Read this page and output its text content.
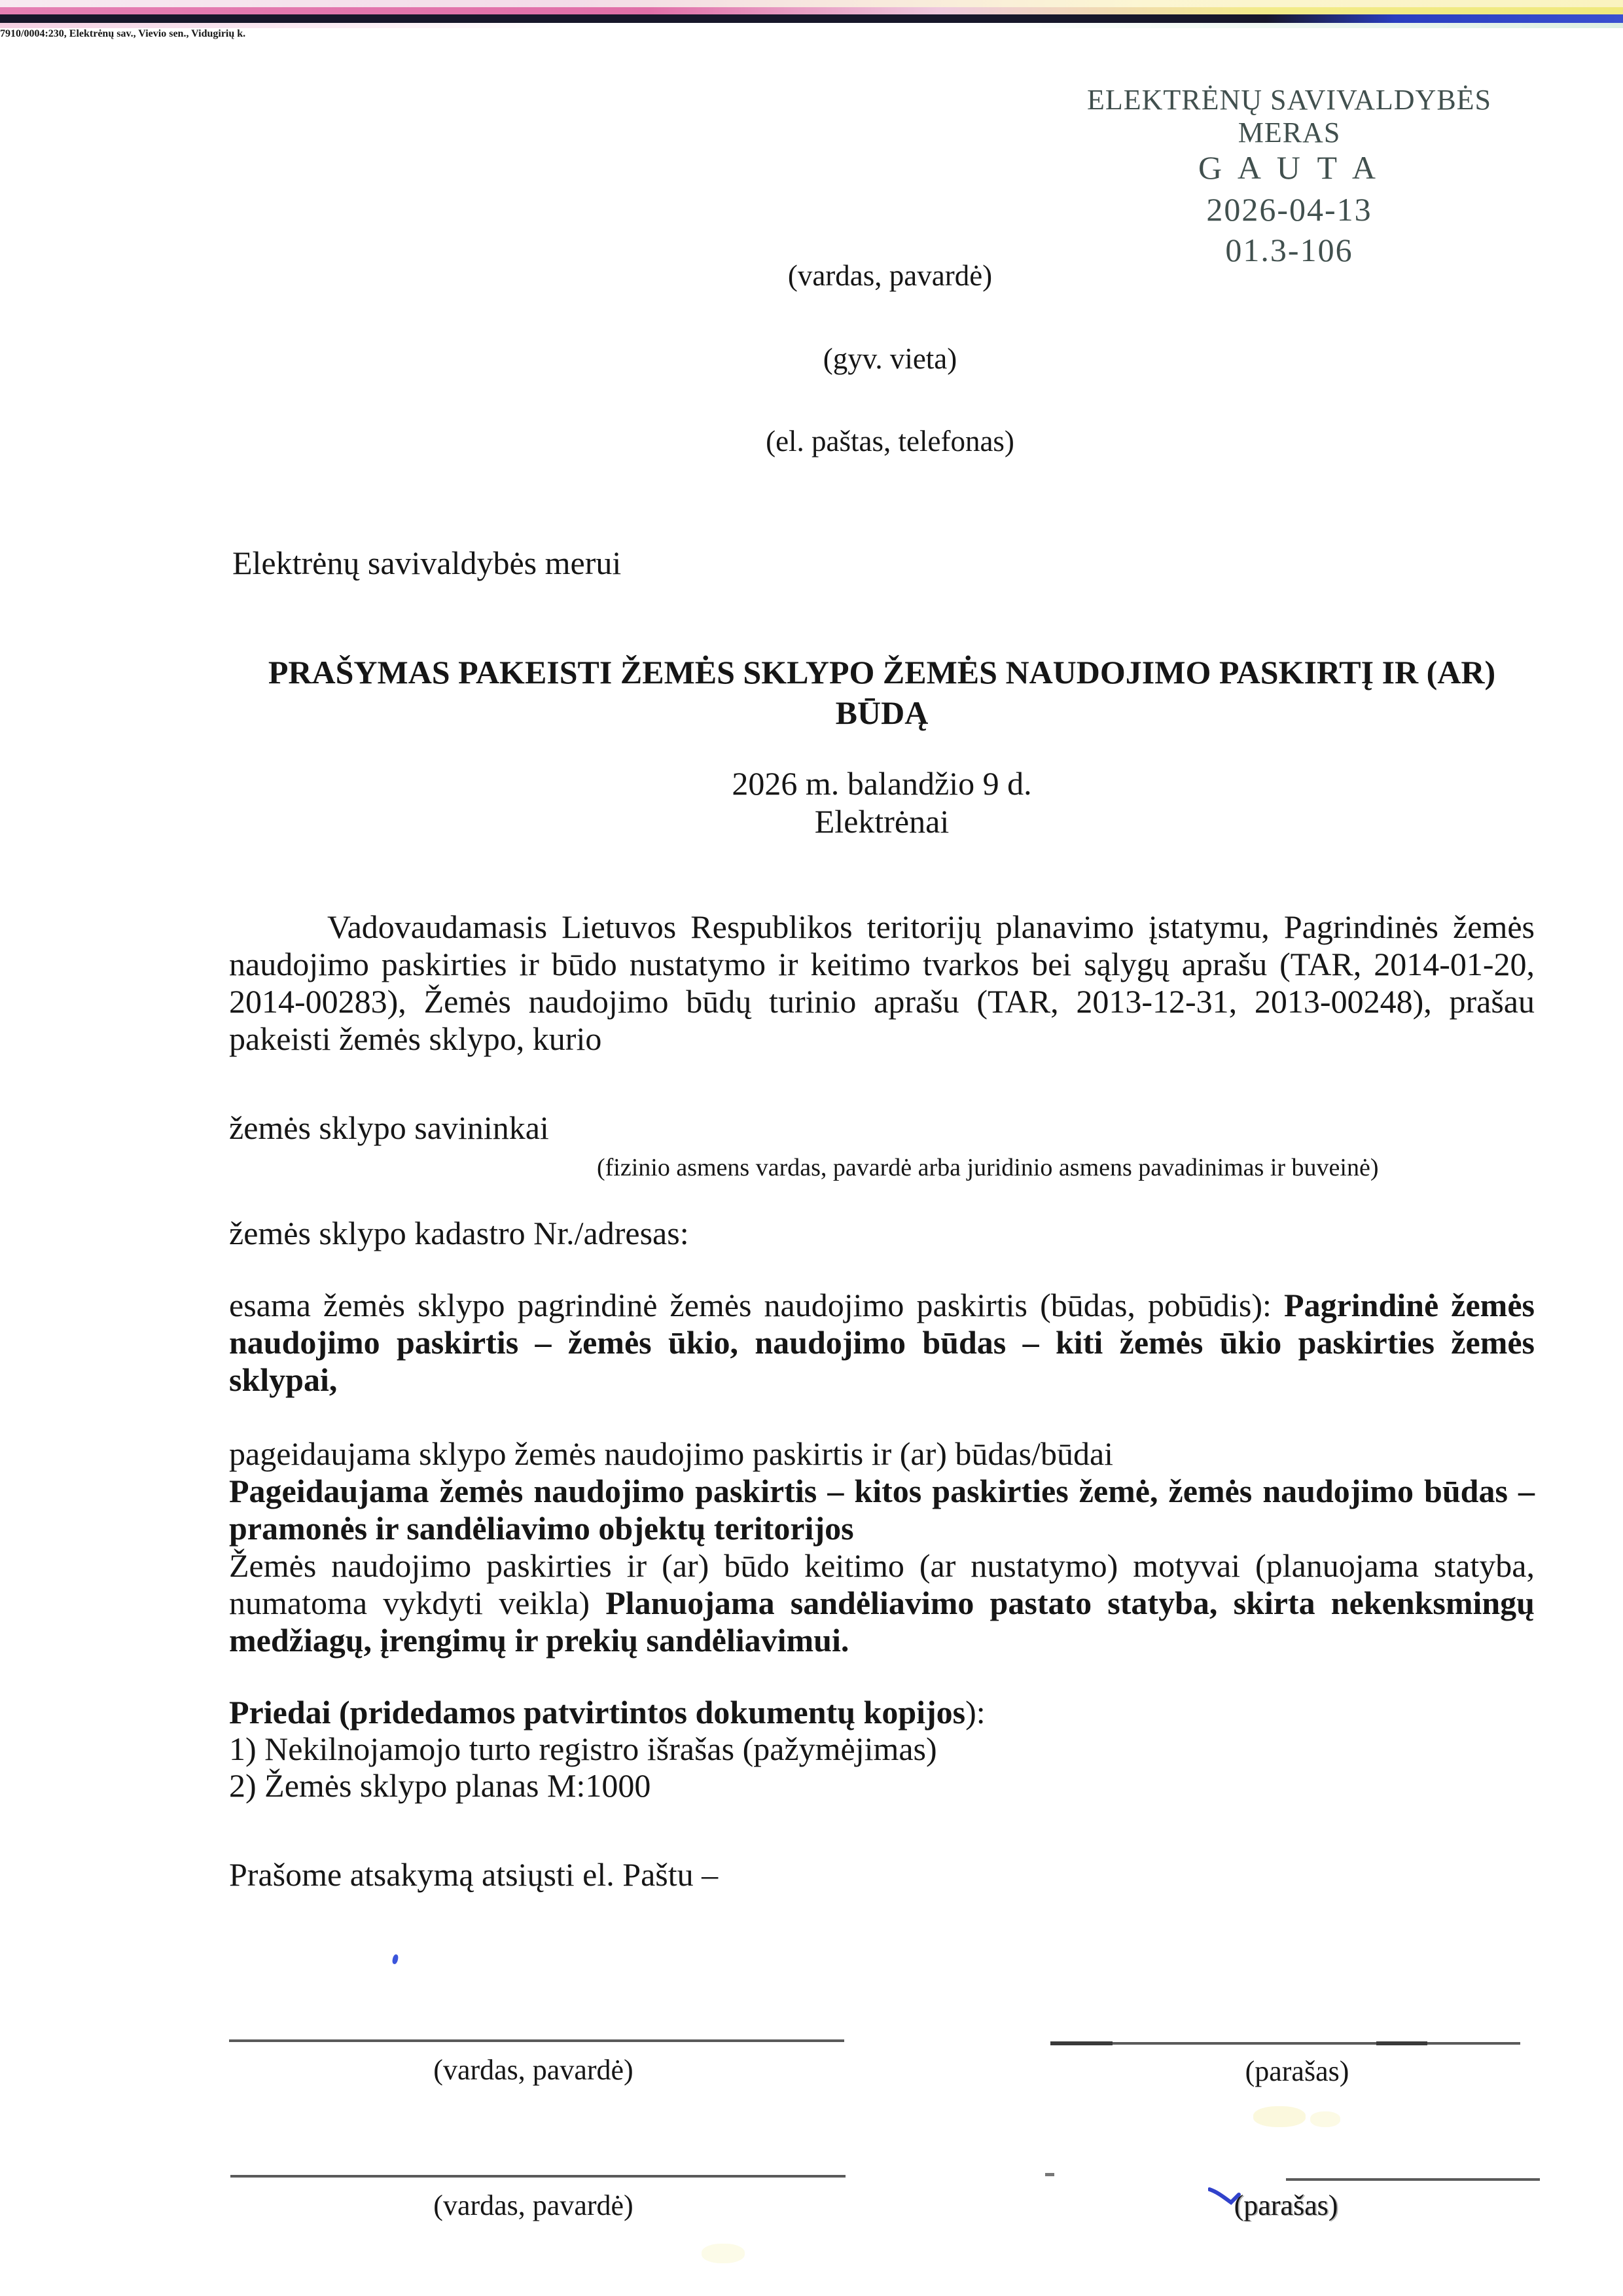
ELEKTRĖNŲ SAVIVALDYBĖS MERAS
G A U T A
2026-04-13
01.3-106
(vardas, pavardė)
(gyv. vieta)
(el. paštas, telefonas)
Elektrėnų savivaldybės merui
PRAŠYMAS PAKEISTI ŽEMĖS SKLYPO ŽEMĖS NAUDOJIMO PASKIRTĮ IR (AR)
BŪDĄ
2026 m. balandžio 9 d.
Elektrėnai

Vadovaudamasis Lietuvos Respublikos teritorijų planavimo įstatymu, Pagrindinės žemės naudojimo paskirties ir būdo nustatymo ir keitimo tvarkos bei sąlygų aprašu (TAR, 2014-01-20, 2014-00283), Žemės naudojimo būdų turinio aprašu (TAR, 2013-12-31, 2013-00248), prašau pakeisti žemės sklypo, kurio

žemės sklypo savininkai
(fizinio asmens vardas, pavardė arba juridinio asmens pavadinimas ir buveinė)

žemės sklypo kadastro Nr./adresas:

7910/0004:230, Elektrėnų sav., Vievio sen., Vidugirių k.

esama žemės sklypo pagrindinė žemės naudojimo paskirtis (būdas, pobūdis): Pagrindinė žemės naudojimo paskirtis – žemės ūkio, naudojimo būdas – kiti žemės ūkio paskirties žemės sklypai,

pageidaujama sklypo žemės naudojimo paskirtis ir (ar) būdas/būdai

Pageidaujama žemės naudojimo paskirtis – kitos paskirties žemė, žemės naudojimo būdas – pramonės ir sandėliavimo objektų teritorijos

Žemės naudojimo paskirties ir (ar) būdo keitimo (ar nustatymo) motyvai (planuojama statyba, numatoma vykdyti veikla) Planuojama sandėliavimo pastato statyba, skirta nekenksmingų medžiagų, įrengimų ir prekių sandėliavimui.

Priedai (pridedamos patvirtintos dokumentų kopijos):

1) Nekilnojamojo turto registro išrašas (pažymėjimas)

2) Žemės sklypo planas M:1000

Prašome atsakymą atsiųsti el. Paštu –
(vardas, pavardė)	(parašas)
(vardas, pavardė)	(parašas)
